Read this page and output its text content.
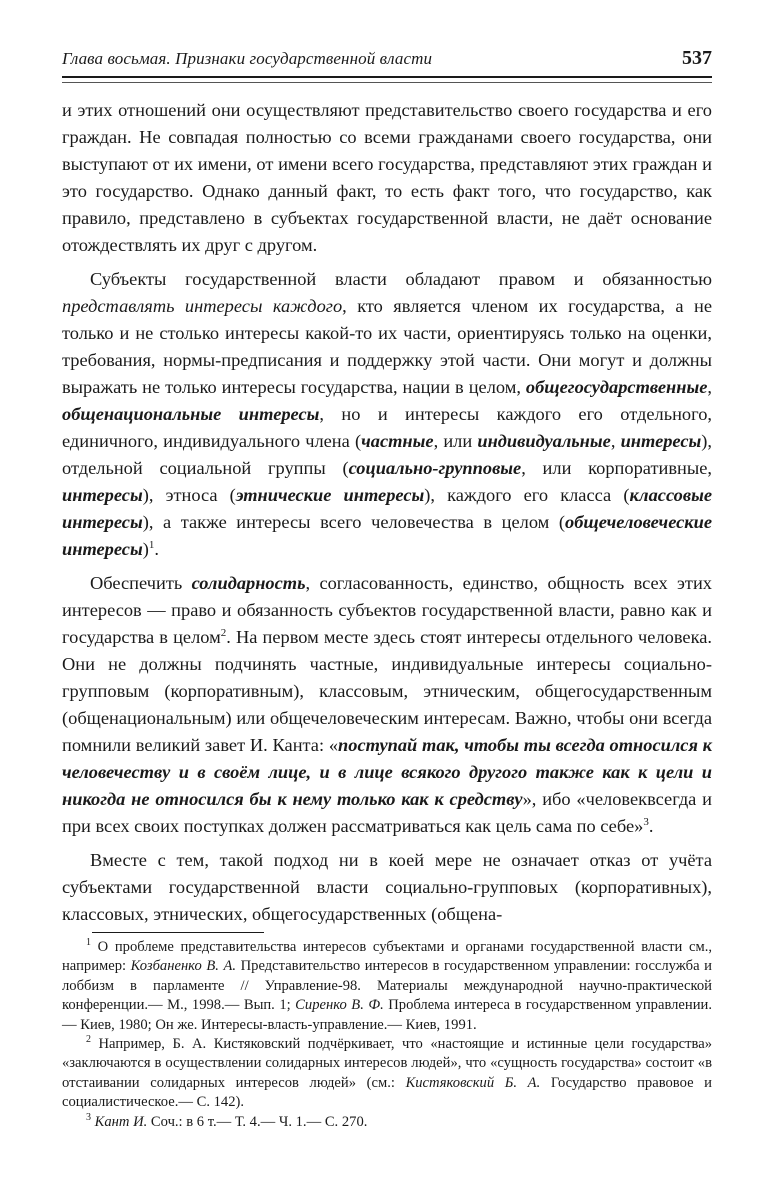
Глава восьмая. Признаки государственной власти	537

и этих отношений они осуществляют представительство своего государства и его граждан. Не совпадая полностью со всеми гражданами своего государства, они выступают от их имени, от имени всего государства, представляют этих граждан и это государство. Однако данный факт, то есть факт того, что государство, как правило, представлено в субъектах государственной власти, не даёт основание отождествлять их друг с другом.

Субъекты государственной власти обладают правом и обязанностью представлять интересы каждого, кто является членом их государства, а не только и не столько интересы какой-то их части, ориентируясь только на оценки, требования, нормы-предписания и поддержку этой части. Они могут и должны выражать не только интересы государства, нации в целом, общегосударственные, общенациональные интересы, но и интересы каждого его отдельного, единичного, индивидуального члена (частные, или индивидуальные, интересы), отдельной социальной группы (социально-групповые, или корпоративные, интересы), этноса (этнические интересы), каждого его класса (классовые интересы), а также интересы всего человечества в целом (общечеловеческие интересы)$^1$.

Обеспечить солидарность, согласованность, единство, общность всех этих интересов — право и обязанность субъектов государственной власти, равно как и государства в целом$^2$. На первом месте здесь стоят интересы отдельного человека. Они не должны подчинять частные, индивидуальные интересы социально-групповым (корпоративным), классовым, этническим, общегосударственным (общенациональным) или общечеловеческим интересам. Важно, чтобы они всегда помнили великий завет И. Канта: «поступай так, чтобы ты всегда относился к человечеству и в своём лице, и в лице всякого другого также как к цели и никогда не относился бы к нему только как к средству», ибо «человеквсегда и при всех своих поступках должен рассматриваться как цель сама по себе»$^3$.

Вместе с тем, такой подход ни в коей мере не означает отказ от учёта субъектами государственной власти социально-групповых (корпоративных), классовых, этнических, общегосударственных (общена-

$^1$ О проблеме представительства интересов субъектами и органами государственной власти см., например: Козбаненко В. А. Представительство интересов в государственном управлении: госслужба и лоббизм в парламенте // Управление-98. Материалы международной научно-практической конференции.— М., 1998.— Вып. 1; Сиренко В. Ф. Проблема интереса в государственном управлении.— Киев, 1980; Он же. Интересы-власть-управление.— Киев, 1991.

$^2$ Например, Б. А. Кистяковский подчёркивает, что «настоящие и истинные цели государства» «заключаются в осуществлении солидарных интересов людей», что «сущность государства» состоит «в отстаивании солидарных интересов людей» (см.: Кистяковский Б. А. Государство правовое и социалистическое.— С. 142).

$^3$ Кант И. Соч.: в 6 т.— Т. 4.— Ч. 1.— С. 270.
